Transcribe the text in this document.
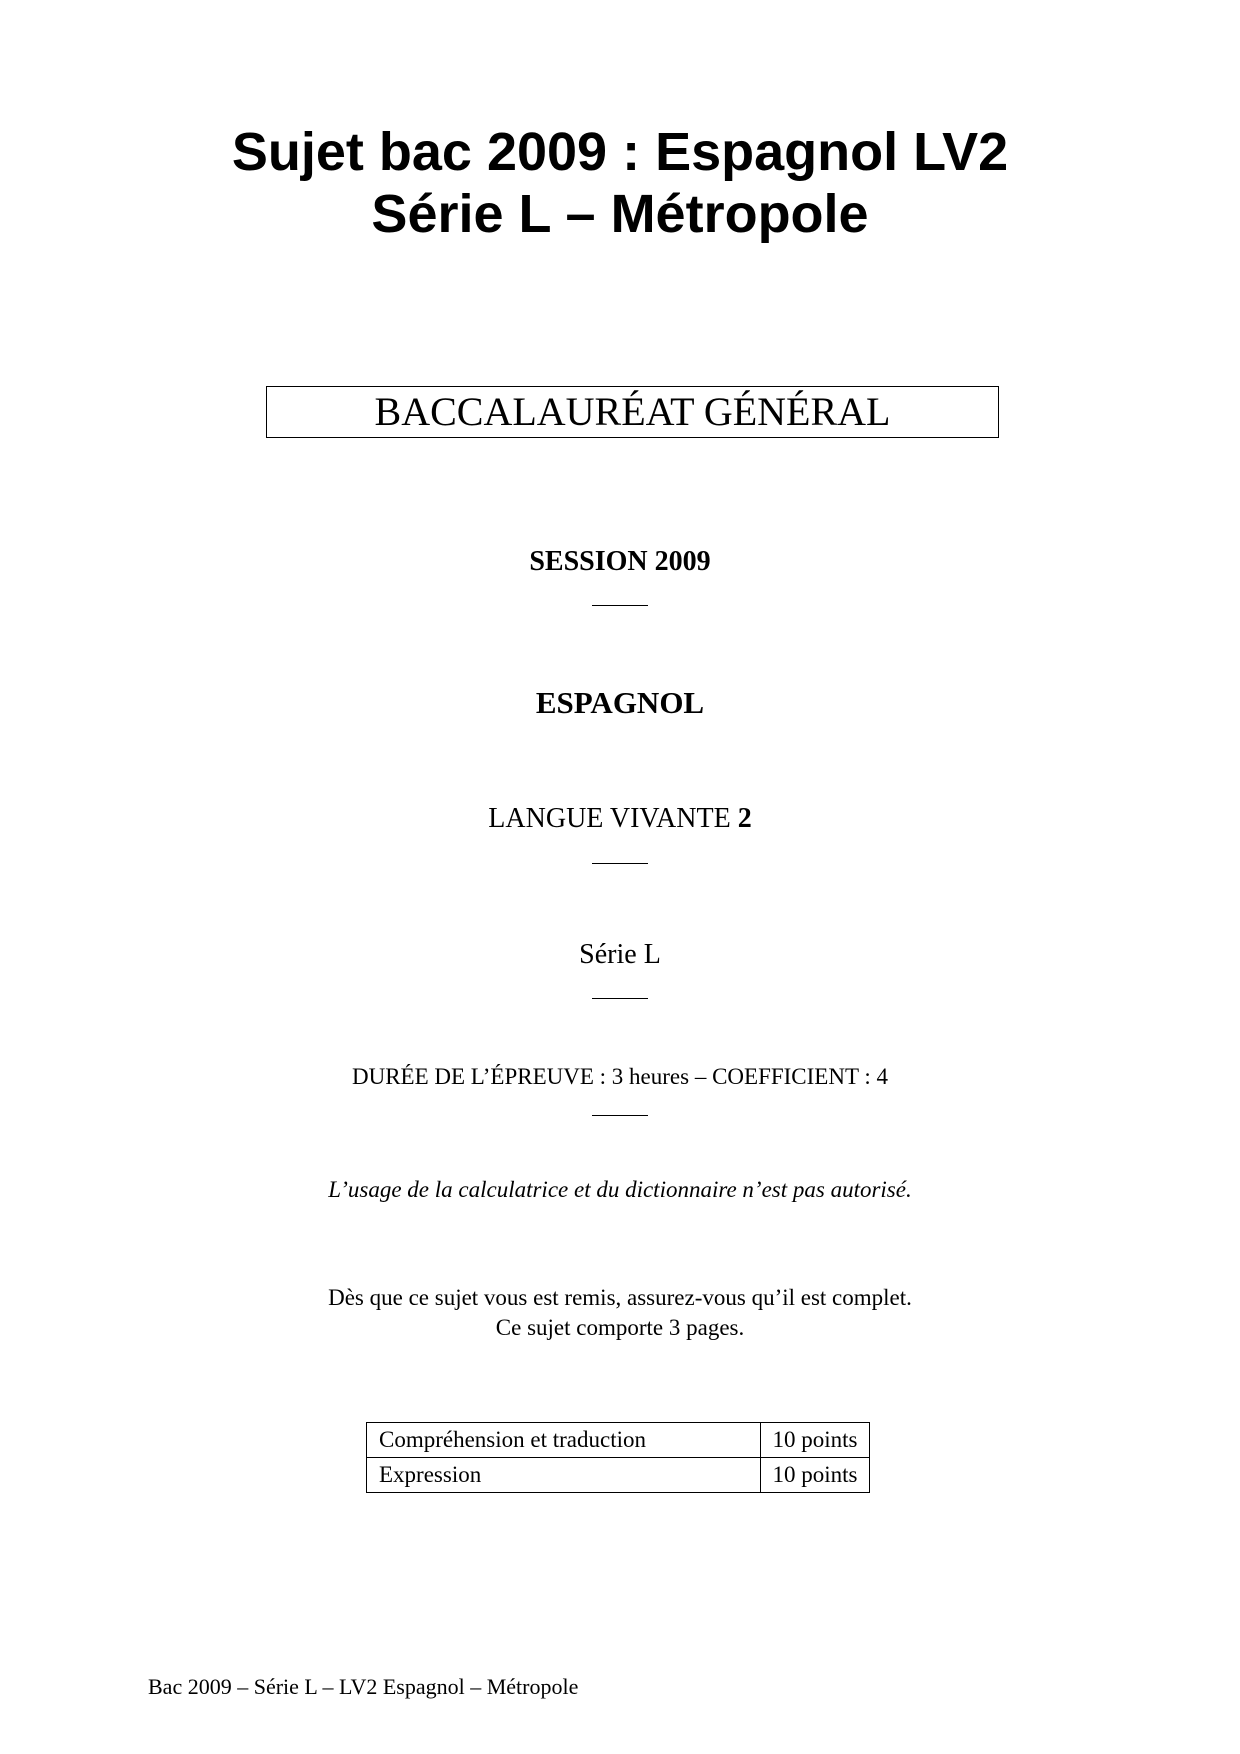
Sujet bac 2009 : Espagnol LV2
Série L – Métropole
BACCALAURÉAT GÉNÉRAL
SESSION 2009
ESPAGNOL
LANGUE VIVANTE 2
Série L
DURÉE DE L’ÉPREUVE : 3 heures – COEFFICIENT : 4
L’usage de la calculatrice et du dictionnaire n’est pas autorisé.
Dès que ce sujet vous est remis, assurez-vous qu’il est complet.
Ce sujet comporte 3 pages.
Compréhension et traduction	10 points
Expression	10 points
Bac 2009 – Série L – LV2 Espagnol – Métropole
